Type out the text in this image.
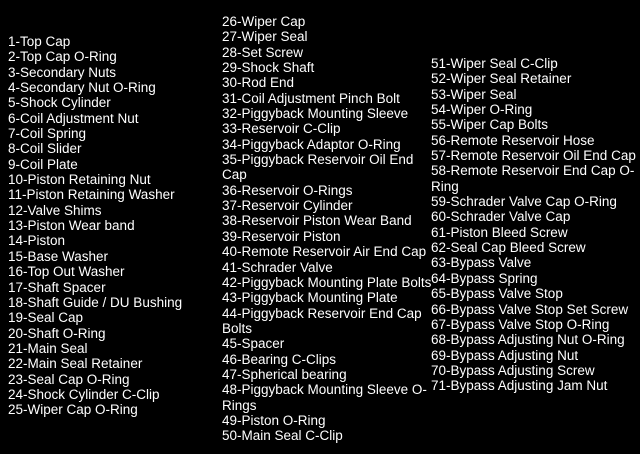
1-Top Cap
2-Top Cap O-Ring
3-Secondary Nuts
4-Secondary Nut O-Ring
5-Shock Cylinder
6-Coil Adjustment Nut
7-Coil Spring
8-Coil Slider
9-Coil Plate
10-Piston Retaining Nut
11-Piston Retaining Washer
12-Valve Shims
13-Piston Wear band
14-Piston
15-Base Washer
16-Top Out Washer
17-Shaft Spacer
18-Shaft Guide / DU Bushing
19-Seal Cap
20-Shaft O-Ring
21-Main Seal
22-Main Seal Retainer
23-Seal Cap O-Ring
24-Shock Cylinder C-Clip
25-Wiper Cap O-Ring
26-Wiper Cap
27-Wiper Seal
28-Set Screw
29-Shock Shaft
30-Rod End
31-Coil Adjustment Pinch Bolt
32-Piggyback Mounting Sleeve
33-Reservoir C-Clip
34-Piggyback Adaptor O-Ring
35-Piggyback Reservoir Oil End Cap
36-Reservoir O-Rings
37-Reservoir Cylinder
38-Reservoir Piston Wear Band
39-Reservoir Piston
40-Remote Reservoir Air End Cap
41-Schrader Valve
42-Piggyback Mounting Plate Bolts
43-Piggyback Mounting Plate
44-Piggyback Reservoir End Cap Bolts
45-Spacer
46-Bearing C-Clips
47-Spherical bearing
48-Piggyback Mounting Sleeve O-Rings
49-Piston O-Ring
50-Main Seal C-Clip
51-Wiper Seal C-Clip
52-Wiper Seal Retainer
53-Wiper Seal
54-Wiper O-Ring
55-Wiper Cap Bolts
56-Remote Reservoir Hose
57-Remote Reservoir Oil End Cap
58-Remote Reservoir End Cap O-Ring
59-Schrader Valve Cap O-Ring
60-Schrader Valve Cap
61-Piston Bleed Screw
62-Seal Cap Bleed Screw
63-Bypass Valve
64-Bypass Spring
65-Bypass Valve Stop
66-Bypass Valve Stop Set Screw
67-Bypass Valve Stop O-Ring
68-Bypass Adjusting Nut O-Ring
69-Bypass Adjusting Nut
70-Bypass Adjusting Screw
71-Bypass Adjusting Jam Nut
